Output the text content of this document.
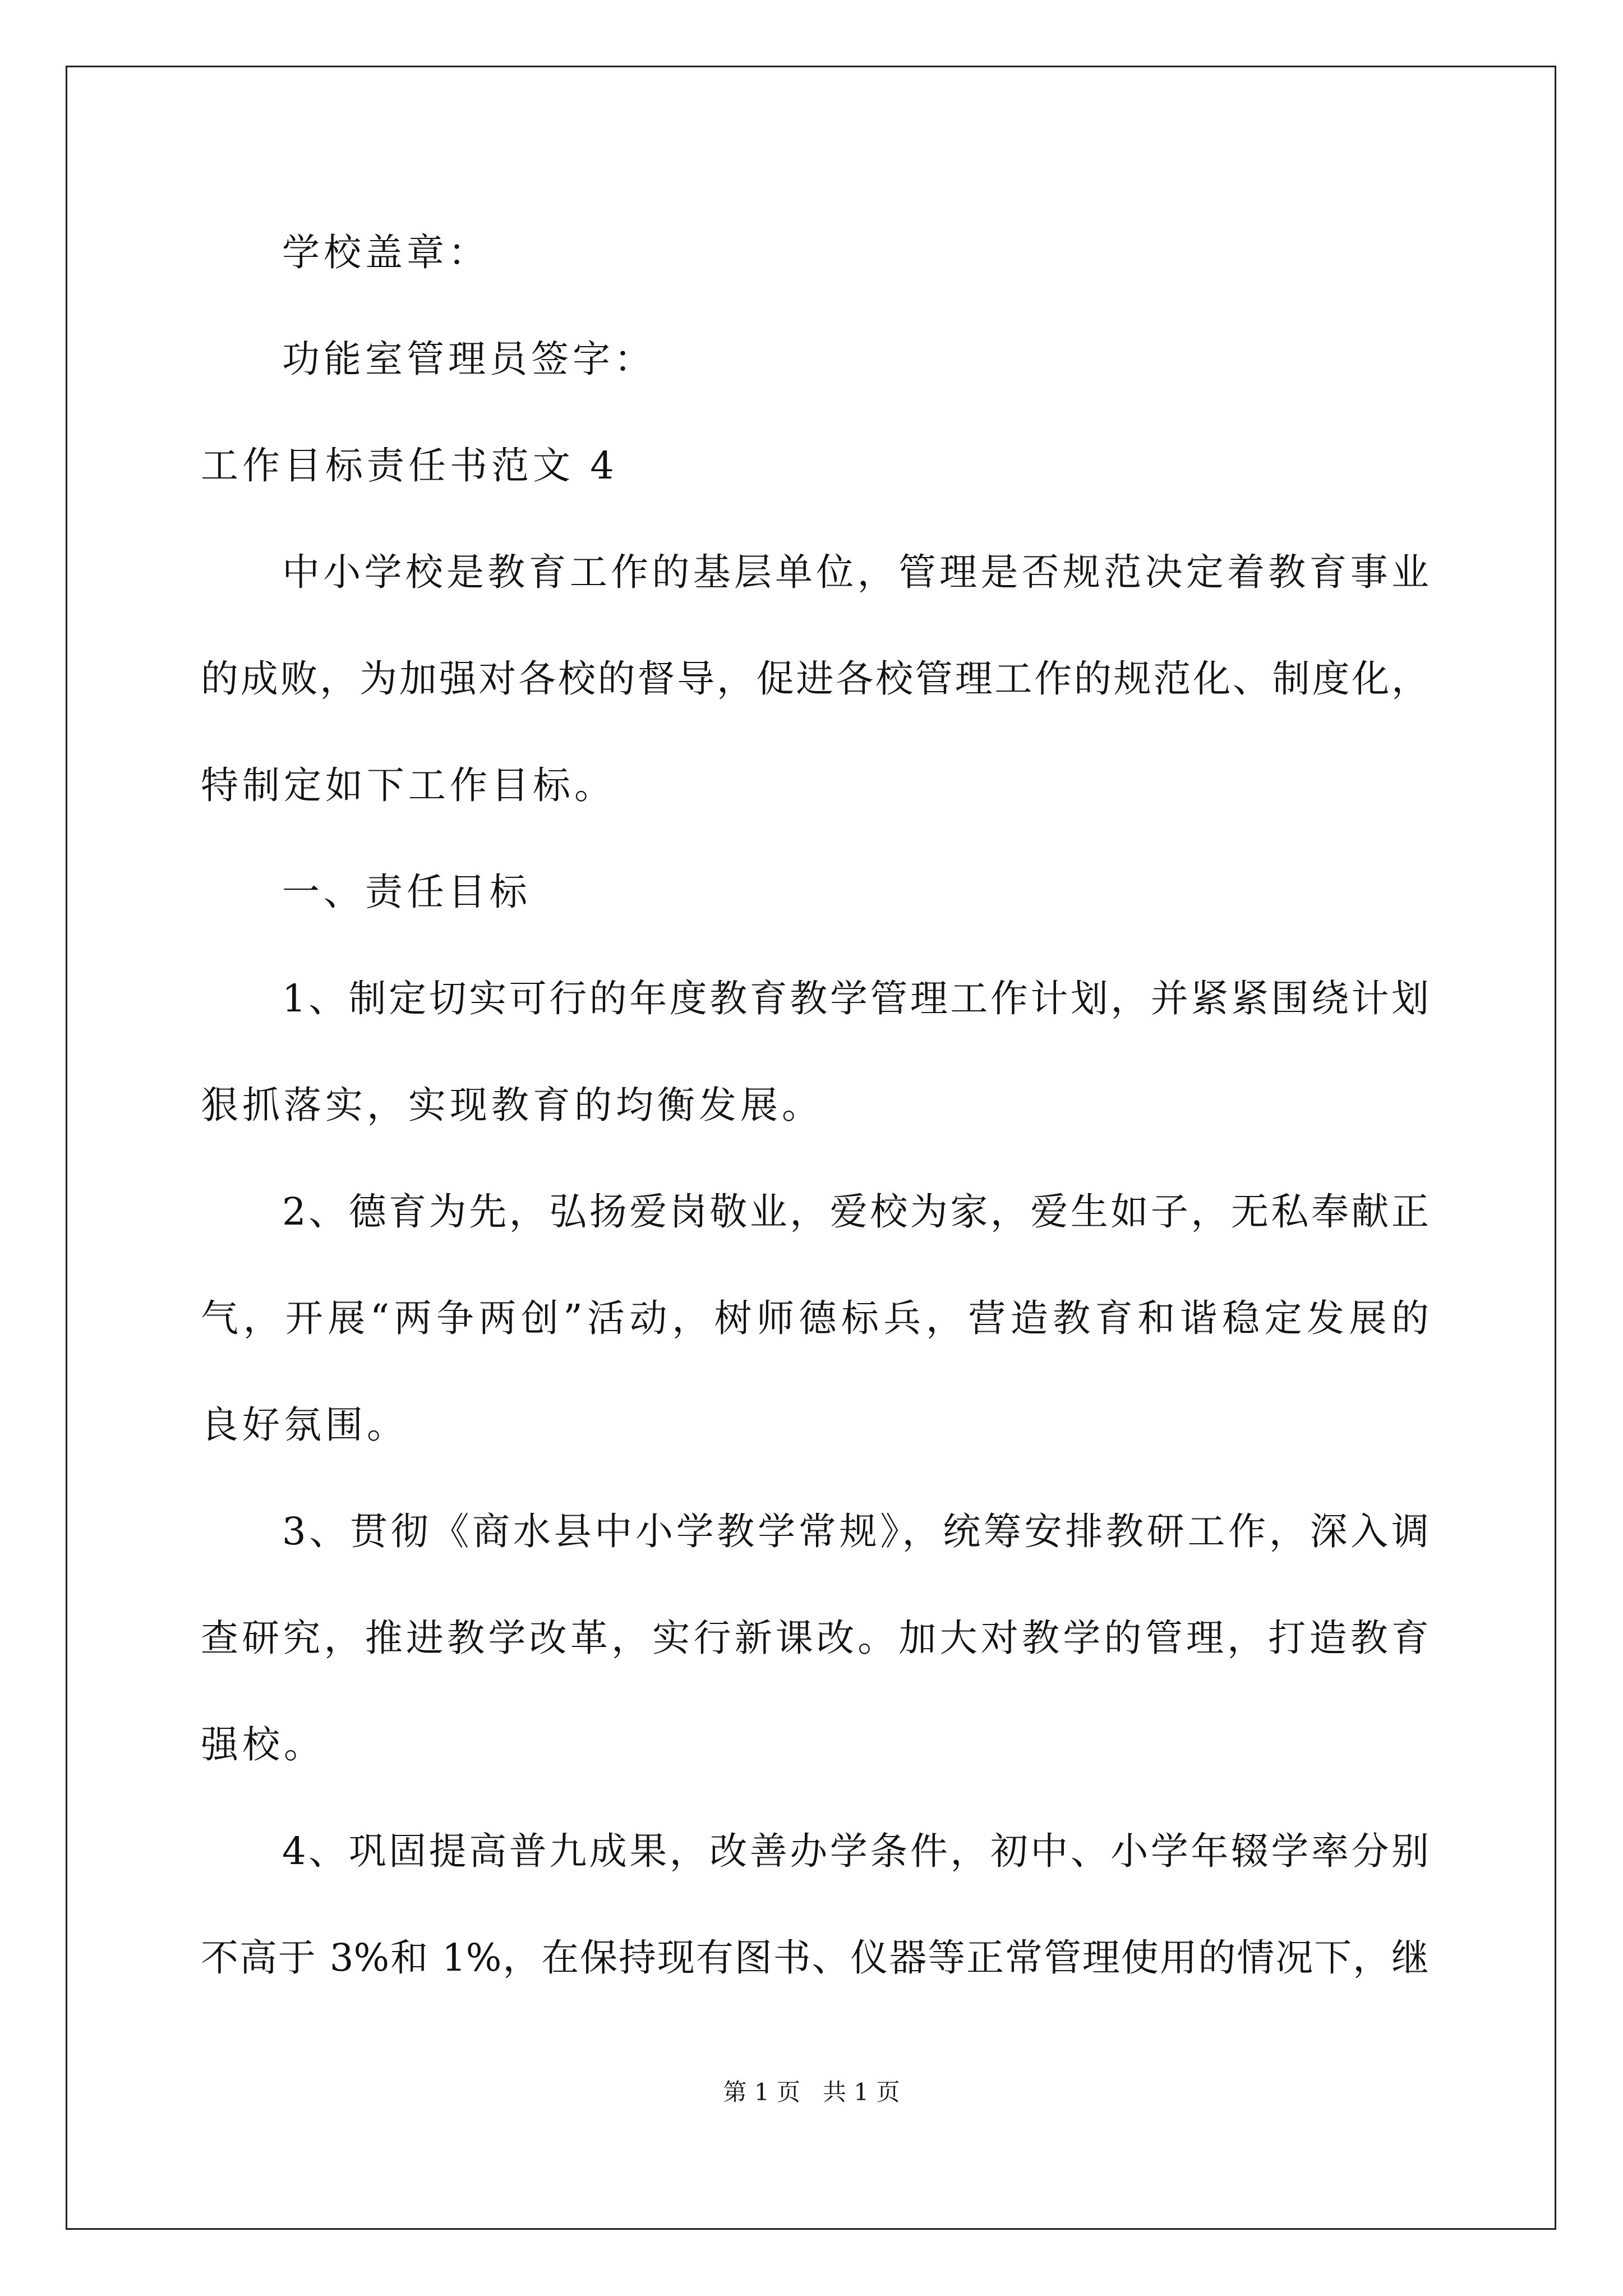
学校盖章：
功能室管理员签字：
工作目标责任书范文 4
中小学校是教育工作的基层单位，管理是否规范决定着教育事业
的成败，为加强对各校的督导，促进各校管理工作的规范化、制度化，
特制定如下工作目标。
一、责任目标
1、制定切实可行的年度教育教学管理工作计划，并紧紧围绕计划
狠抓落实，实现教育的均衡发展。
2、德育为先，弘扬爱岗敬业，爱校为家，爱生如子，无私奉献正
气，开展“两争两创”活动，树师德标兵，营造教育和谐稳定发展的
良好氛围。
3、贯彻《商水县中小学教学常规》，统筹安排教研工作，深入调
查研究，推进教学改革，实行新课改。加大对教学的管理，打造教育
强校。
4、巩固提高普九成果，改善办学条件，初中、小学年辍学率分别
不高于 3%和 1%，在保持现有图书、仪器等正常管理使用的情况下，继
第 1 页   共 1 页
